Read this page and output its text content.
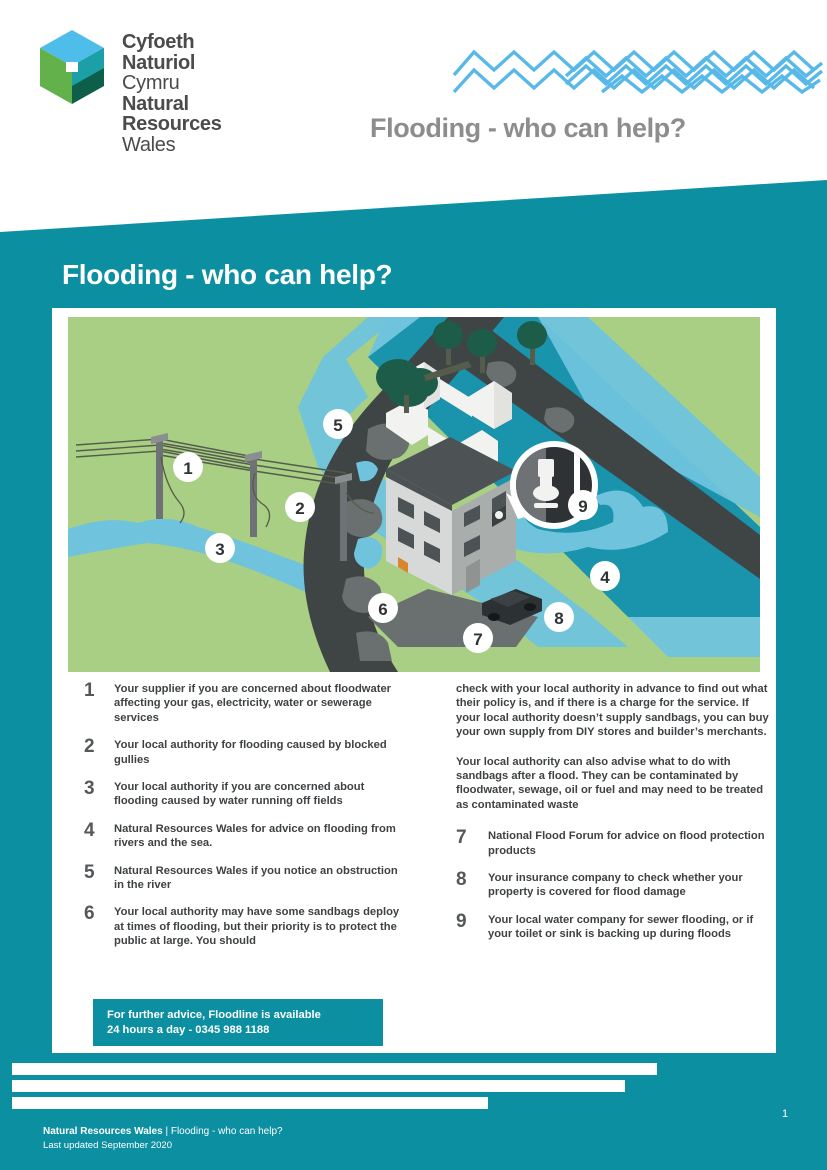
Cyfoeth
Naturiol
Cymru
Natural
Resources
Wales
Flooding - who can help?
Flooding - who can help?
1
2
3
4
5
6
7
8
9
1	Your supplier if you are concerned about floodwater affecting your gas, electricity, water or sewerage services
2	Your local authority for flooding caused by blocked gullies
3	Your local authority if you are concerned about flooding caused by water running off fields
4	Natural Resources Wales for advice on flooding from rivers and the sea.
5	Natural Resources Wales if you notice an obstruction in the river
6	Your local authority may have some sandbags deploy at times of flooding, but their priority is to protect the public at large. You should

check with your local authority in advance to find out what their policy is, and if there is a charge for the service. If your local authority doesn’t supply sandbags, you can buy your own supply from DIY stores and builder’s merchants.

Your local authority can also advise what to do with sandbags after a flood. They can be contaminated by floodwater, sewage, oil or fuel and may need to be treated as contaminated waste

7	National Flood Forum for advice on flood protection products
8	Your insurance company to check whether your property is covered for flood damage
9	Your local water company for sewer flooding, or if your toilet or sink is backing up during floods
For further advice, Floodline is available
24 hours a day - 0345 988 1188
Natural Resources Wales | Flooding - who can help?
Last updated September 2020
1
